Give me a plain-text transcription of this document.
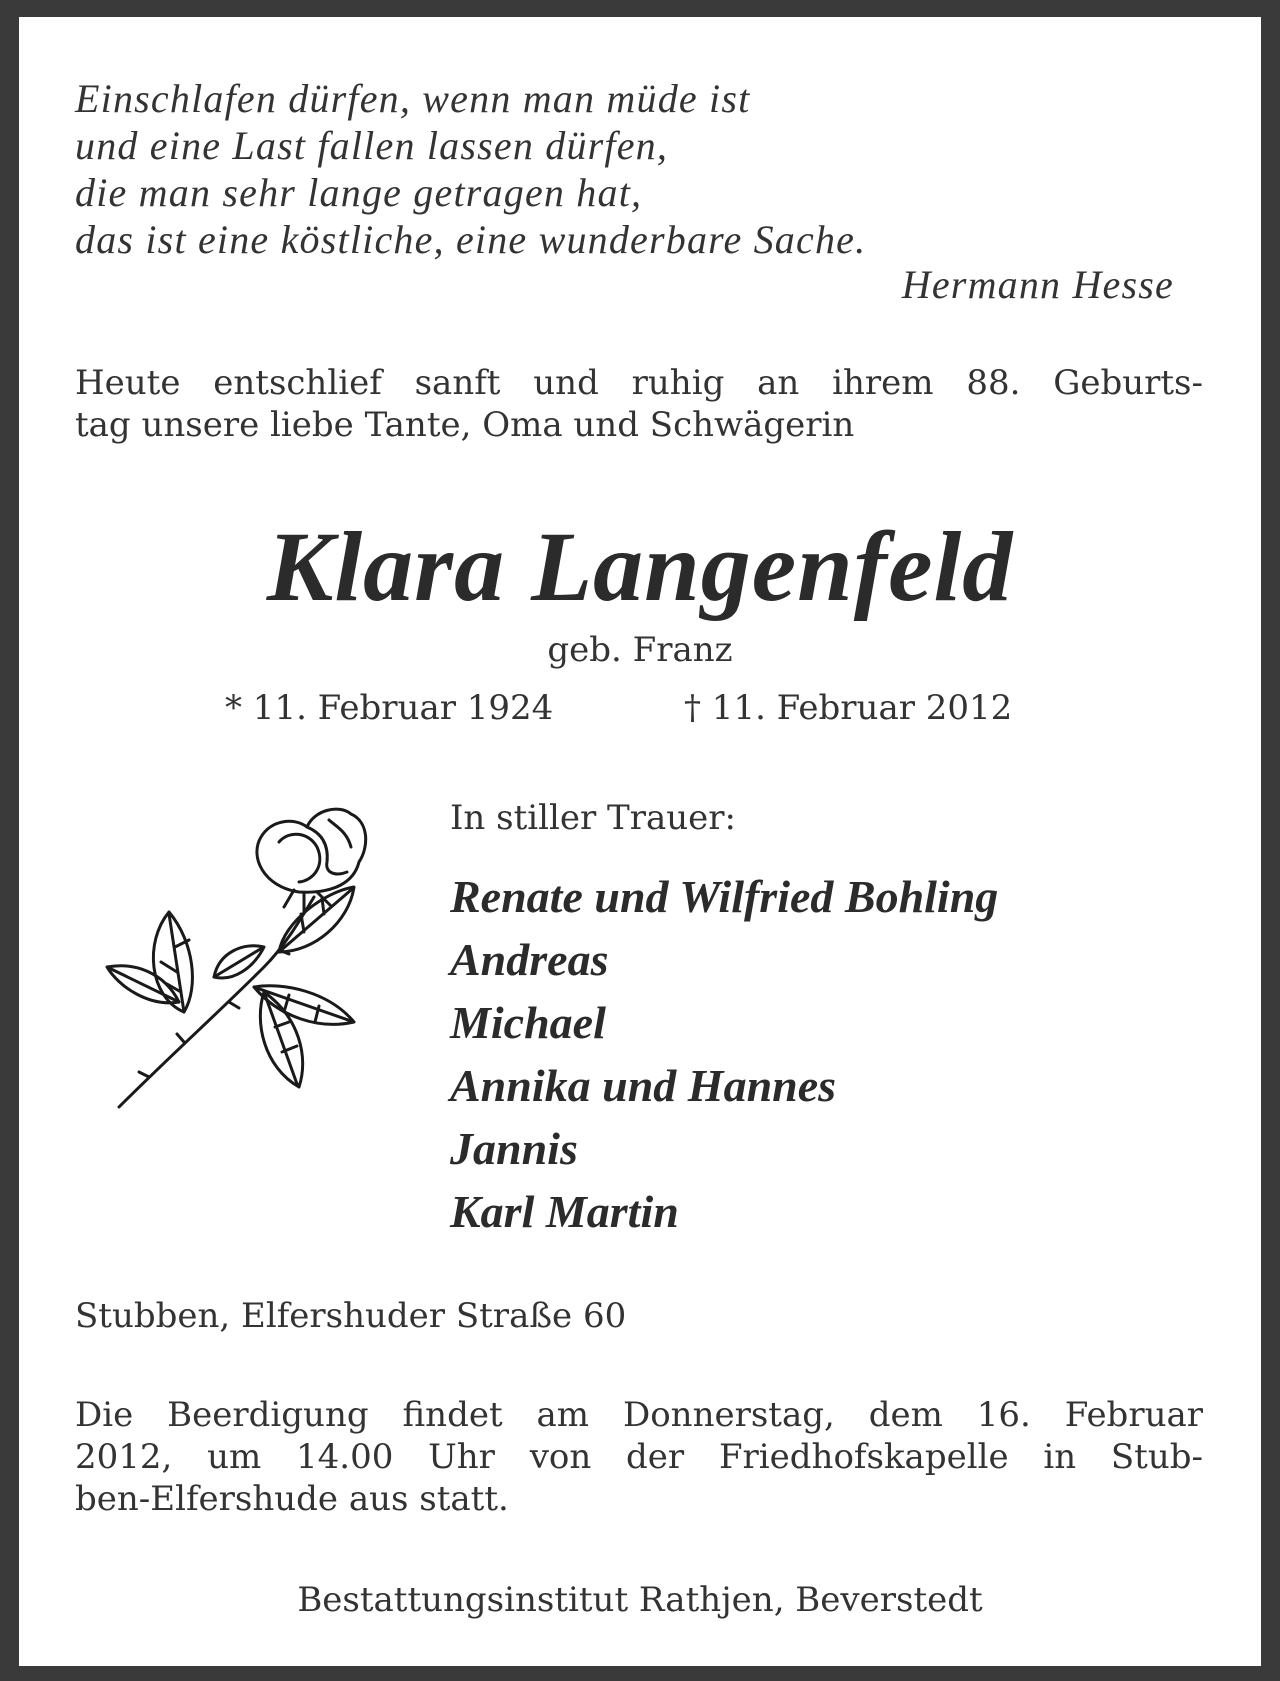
Einschlafen dürfen, wenn man müde ist
und eine Last fallen lassen dürfen,
die man sehr lange getragen hat,
das ist eine köstliche, eine wunderbare Sache.
Hermann Hesse
Heute entschlief sanft und ruhig an ihrem 88. Geburts-
tag unsere liebe Tante, Oma und Schwägerin
Klara Langenfeld
geb. Franz
* 11. Februar 1924	† 11. Februar 2012
In stiller Trauer:
Renate und Wilfried Bohling
Andreas
Michael
Annika und Hannes
Jannis
Karl Martin
Stubben, Elfershuder Straße 60
Die Beerdigung findet am Donnerstag, dem 16. Februar
2012, um 14.00 Uhr von der Friedhofskapelle in Stub-
ben-Elfershude aus statt.
Bestattungsinstitut Rathjen, Beverstedt
